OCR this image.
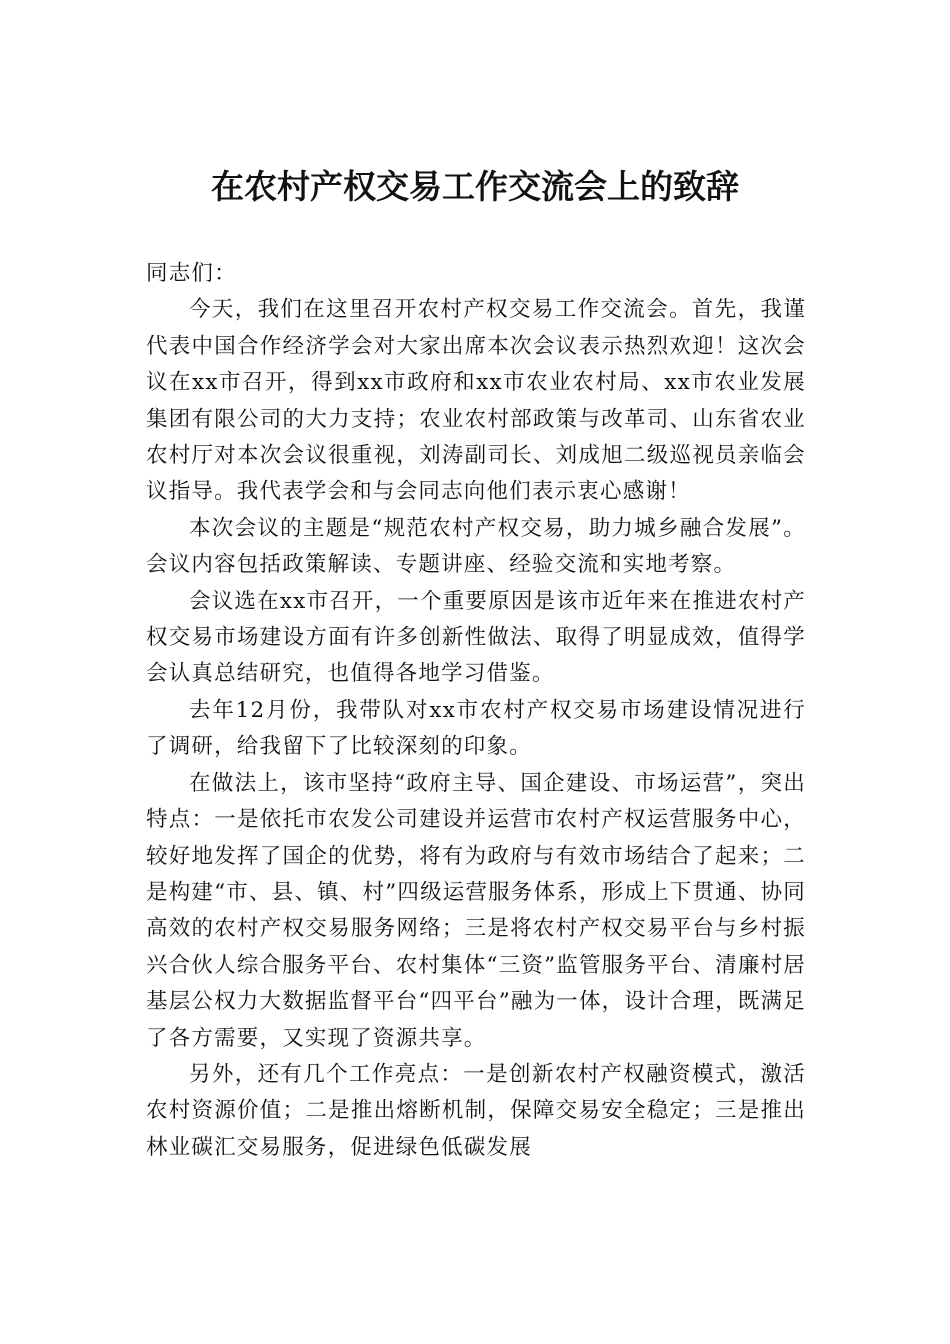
在农村产权交易工作交流会上的致辞

同志们：

今天，我们在这里召开农村产权交易工作交流会。首先，我谨代表中国合作经济学会对大家出席本次会议表示热烈欢迎！这次会议在xx市召开，得到xx市政府和xx市农业农村局、xx市农业发展集团有限公司的大力支持；农业农村部政策与改革司、山东省农业农村厅对本次会议很重视，刘涛副司长、刘成旭二级巡视员亲临会议指导。我代表学会和与会同志向他们表示衷心感谢！

本次会议的主题是“规范农村产权交易，助力城乡融合发展”。会议内容包括政策解读、专题讲座、经验交流和实地考察。

会议选在xx市召开，一个重要原因是该市近年来在推进农村产权交易市场建设方面有许多创新性做法、取得了明显成效，值得学会认真总结研究，也值得各地学习借鉴。

去年12月份，我带队对xx市农村产权交易市场建设情况进行了调研，给我留下了比较深刻的印象。

在做法上，该市坚持“政府主导、国企建设、市场运营”，突出特点：一是依托市农发公司建设并运营市农村产权运营服务中心，较好地发挥了国企的优势，将有为政府与有效市场结合了起来；二是构建“市、县、镇、村”四级运营服务体系，形成上下贯通、协同高效的农村产权交易服务网络；三是将农村产权交易平台与乡村振兴合伙人综合服务平台、农村集体“三资”监管服务平台、清廉村居基层公权力大数据监督平台“四平台”融为一体，设计合理，既满足了各方需要，又实现了资源共享。

另外，还有几个工作亮点：一是创新农村产权融资模式，激活农村资源价值；二是推出熔断机制，保障交易安全稳定；三是推出林业碳汇交易服务，促进绿色低碳发展
